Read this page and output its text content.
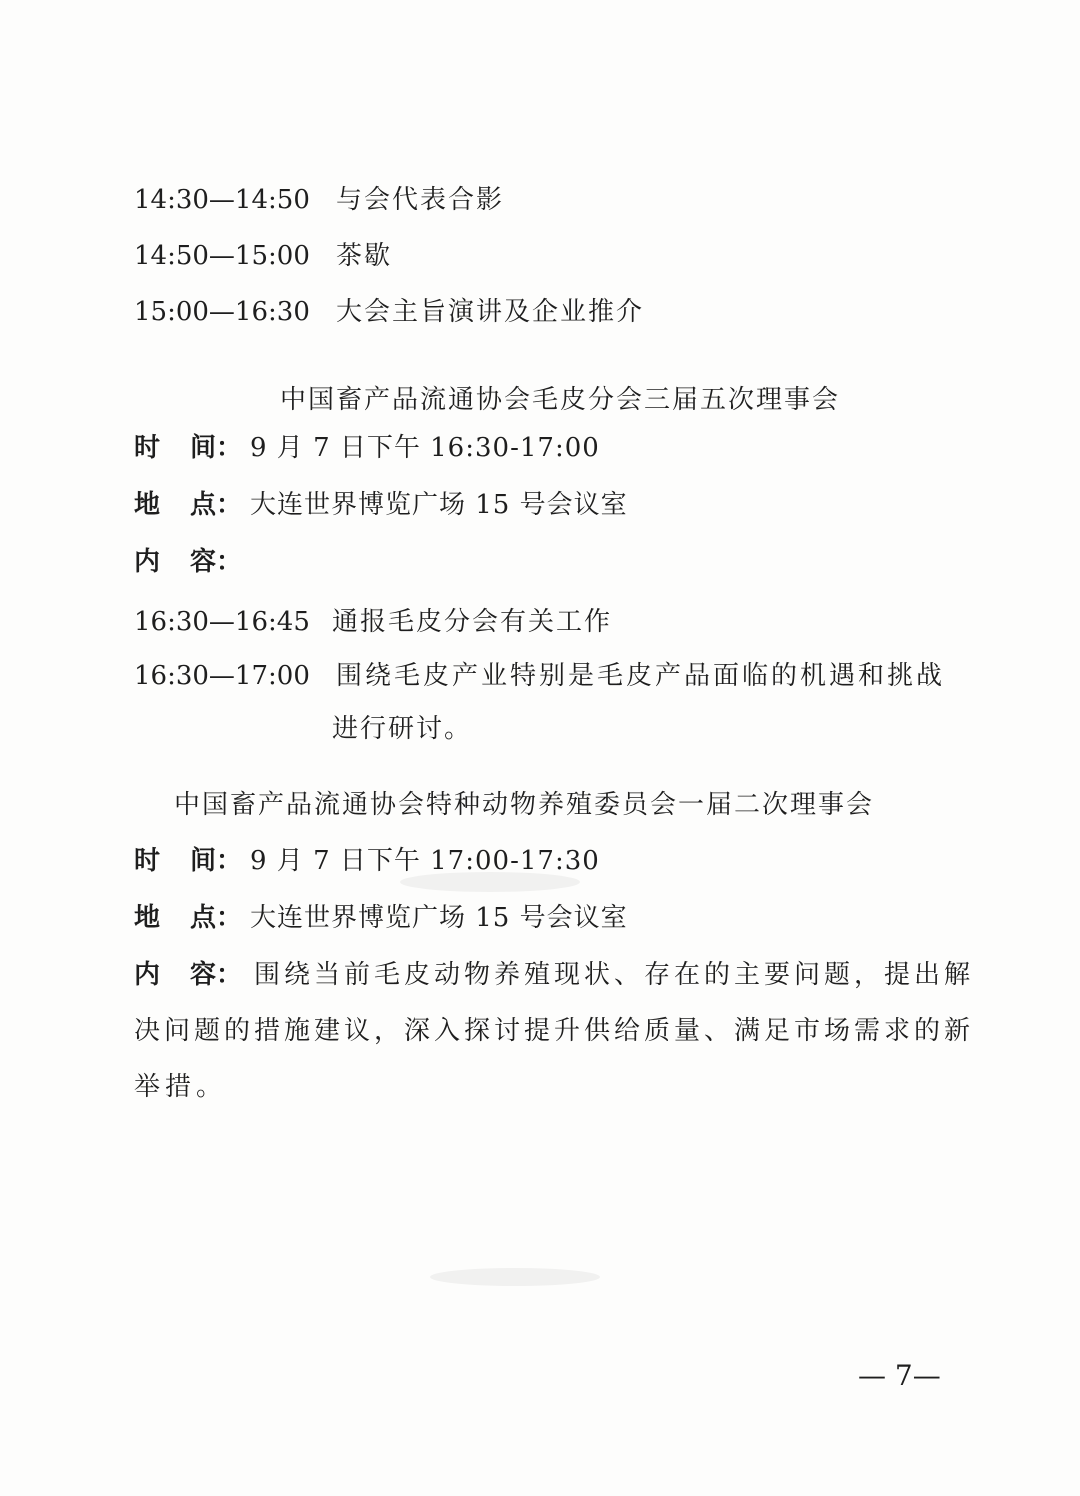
14:30—14:50 与会代表合影
14:50—15:00 茶歇
15:00—16:30 大会主旨演讲及企业推介
中国畜产品流通协会毛皮分会三届五次理事会
时 间： 9 月 7 日下午 16:30-17:00
地 点： 大连世界博览广场 15 号会议室
内 容：
16:30—16:45 通报毛皮分会有关工作
16:30—17:00 围绕毛皮产业特别是毛皮产品面临的机遇和挑战
进行研讨。
中国畜产品流通协会特种动物养殖委员会一届二次理事会
时 间： 9 月 7 日下午 17:00-17:30
地 点： 大连世界博览广场 15 号会议室
内 容： 围绕当前毛皮动物养殖现状、存在的主要问题，提出解
决问题的措施建议，深入探讨提升供给质量、满足市场需求的新
举措。
— 7—
